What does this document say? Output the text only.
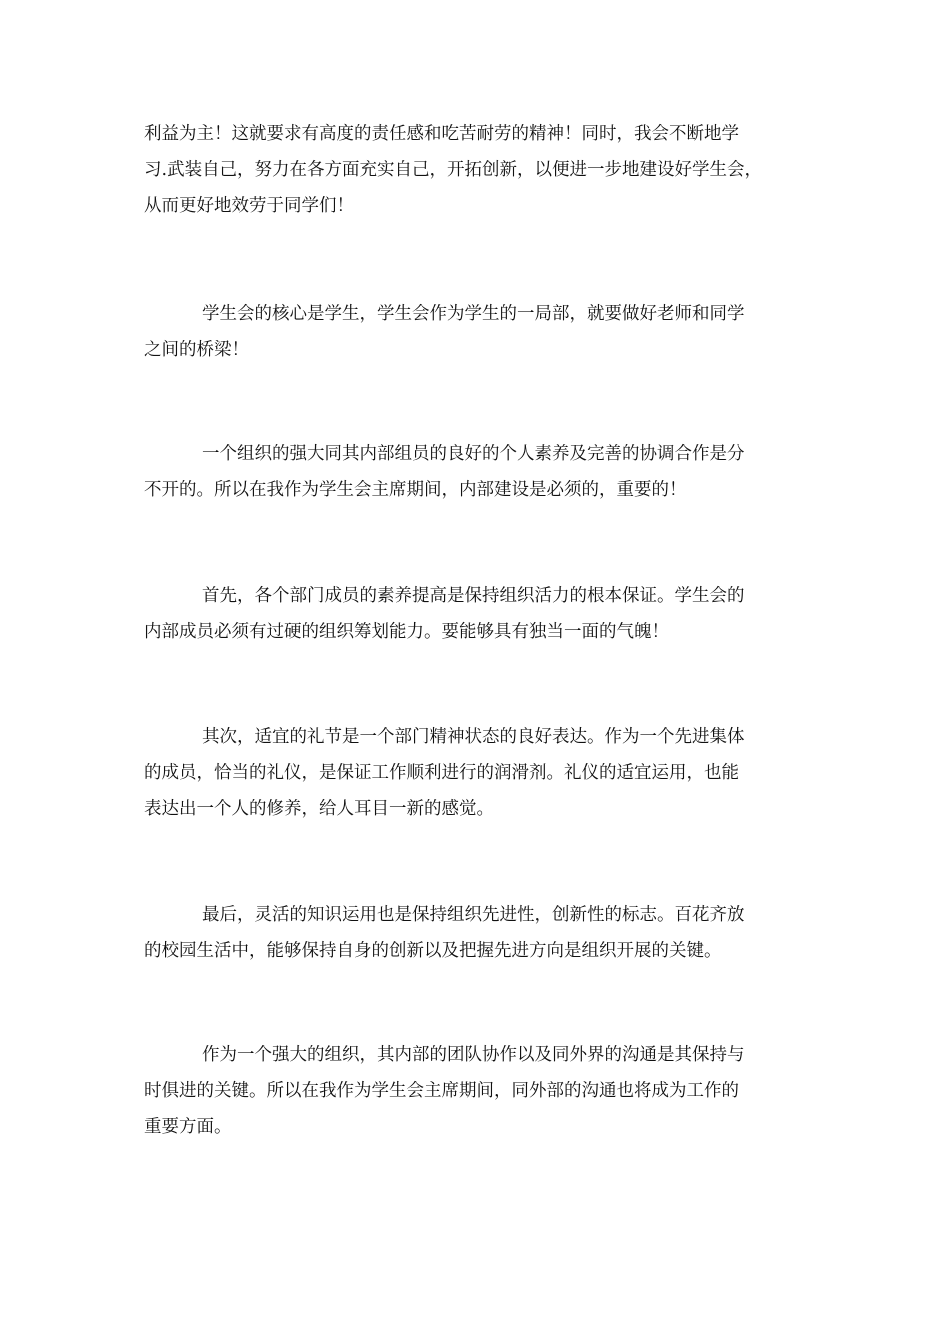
利益为主！这就要求有高度的责任感和吃苦耐劳的精神！同时，我会不断地学
习.武装自己，努力在各方面充实自己，开拓创新，以便进一步地建设好学生会，
从而更好地效劳于同学们！

学生会的核心是学生，学生会作为学生的一局部，就要做好老师和同学
之间的桥梁！

一个组织的强大同其内部组员的良好的个人素养及完善的协调合作是分
不开的。所以在我作为学生会主席期间，内部建设是必须的，重要的！

首先，各个部门成员的素养提高是保持组织活力的根本保证。学生会的
内部成员必须有过硬的组织筹划能力。要能够具有独当一面的气魄！

其次，适宜的礼节是一个部门精神状态的良好表达。作为一个先进集体
的成员，恰当的礼仪，是保证工作顺利进行的润滑剂。礼仪的适宜运用，也能
表达出一个人的修养，给人耳目一新的感觉。

最后，灵活的知识运用也是保持组织先进性，创新性的标志。百花齐放
的校园生活中，能够保持自身的创新以及把握先进方向是组织开展的关键。

作为一个强大的组织，其内部的团队协作以及同外界的沟通是其保持与
时俱进的关键。所以在我作为学生会主席期间，同外部的沟通也将成为工作的
重要方面。
